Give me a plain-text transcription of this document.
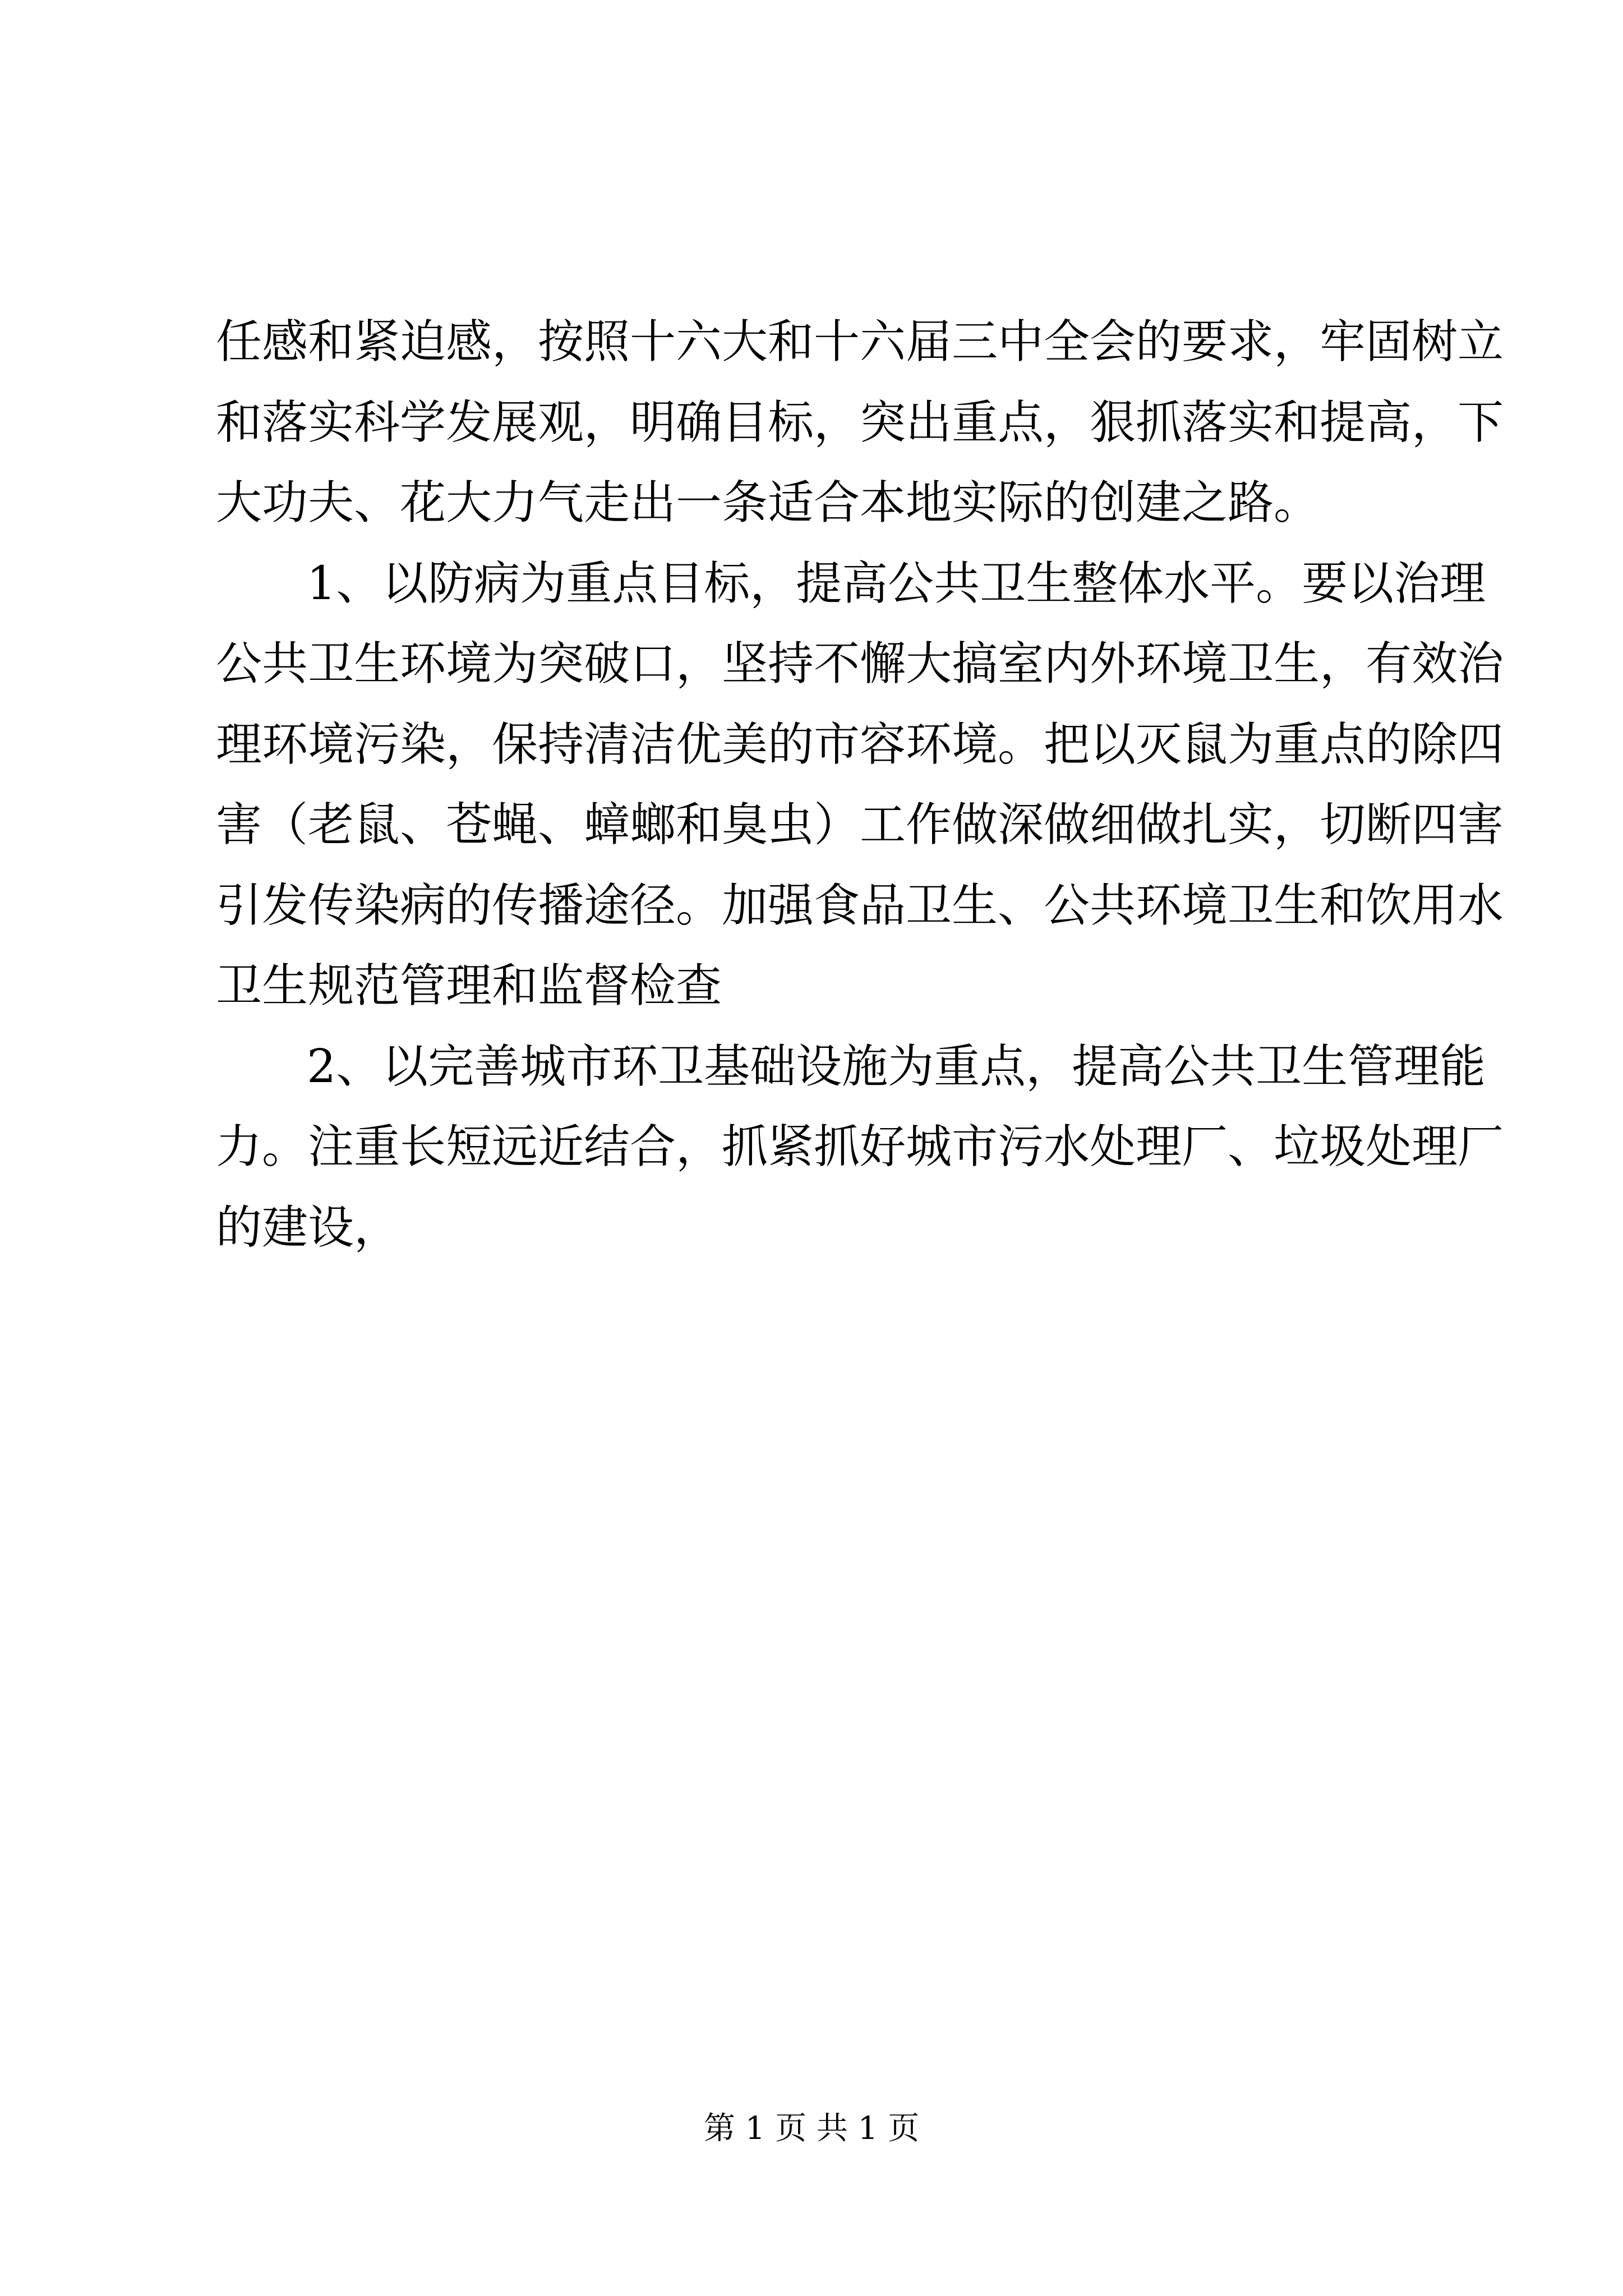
任感和紧迫感，按照十六大和十六届三中全会的要求，牢固树立
和落实科学发展观，明确目标，突出重点，狠抓落实和提高，下
大功夫、花大力气走出一条适合本地实际的创建之路。
1、以防病为重点目标，提高公共卫生整体水平。要以治理
公共卫生环境为突破口，坚持不懈大搞室内外环境卫生，有效治
理环境污染，保持清洁优美的市容环境。把以灭鼠为重点的除四
害（老鼠、苍蝇、蟑螂和臭虫）工作做深做细做扎实，切断四害
引发传染病的传播途径。加强食品卫生、公共环境卫生和饮用水
卫生规范管理和监督检查
2、以完善城市环卫基础设施为重点，提高公共卫生管理能
力。注重长短远近结合，抓紧抓好城市污水处理厂、垃圾处理厂
的建设，
第 1 页 共 1 页
